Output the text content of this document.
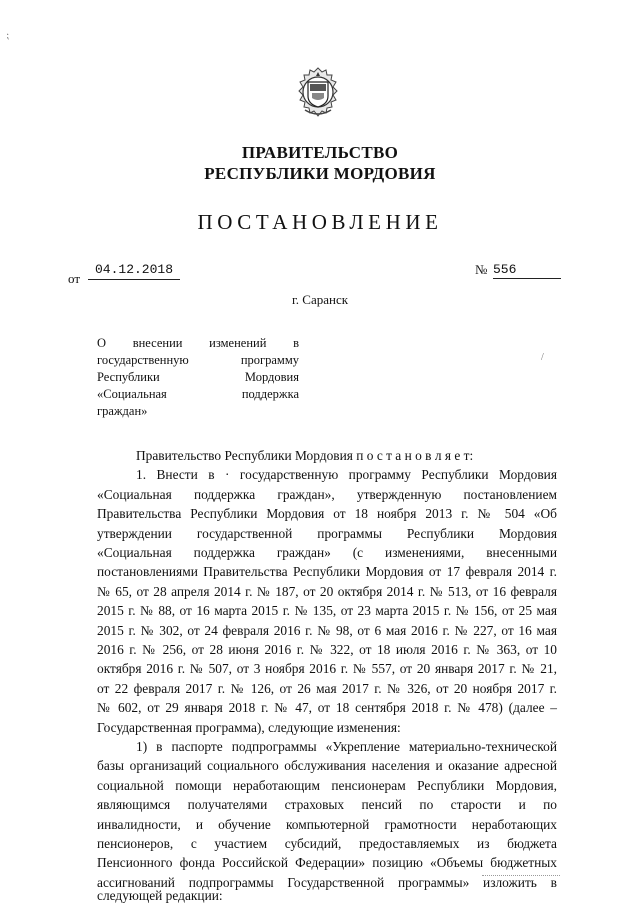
⁏
/
ПРАВИТЕЛЬСТВО
РЕСПУБЛИКИ МОРДОВИЯ
ПОСТАНОВЛЕНИЕ
от
04.12.2018	№ 556
г. Саранск
О внесении изменений в
государственную программу
Республики Мордовия
«Социальная поддержка
граждан»
Правительство Республики Мордовия п о с т а н о в л я е т:
1. Внести в · государственную программу Республики Мордовия
«Социальная поддержка граждан», утвержденную постановлением
Правительства Республики Мордовия от 18 ноября 2013 г. № 504 «Об
утверждении государственной программы Республики Мордовия
«Социальная поддержка граждан» (с изменениями, внесенными
постановлениями Правительства Республики Мордовия от 17 февраля 2014 г.
№ 65, от 28 апреля 2014 г. № 187, от 20 октября 2014 г. № 513, от 16 февраля
2015 г. № 88, от 16 марта 2015 г. № 135, от 23 марта 2015 г. № 156, от 25 мая
2015 г. № 302, от 24 февраля 2016 г. № 98, от 6 мая 2016 г. № 227, от 16 мая
2016 г. № 256, от 28 июня 2016 г. № 322, от 18 июля 2016 г. № 363, от 10
октября 2016 г. № 507, от 3 ноября 2016 г. № 557, от 20 января 2017 г. № 21,
от 22 февраля 2017 г. № 126, от 26 мая 2017 г. № 326, от 20 ноября 2017 г.
№ 602, от 29 января 2018 г. № 47, от 18 сентября 2018 г. № 478) (далее –
Государственная программа), следующие изменения:
1) в паспорте подпрограммы «Укрепление материально-технической
базы организаций социального обслуживания населения и оказание адресной
социальной помощи неработающим пенсионерам Республики Мордовия,
являющимся получателями страховых пенсий по старости и по
инвалидности, и обучение компьютерной грамотности неработающих
пенсионеров, с участием субсидий, предоставляемых из бюджета
Пенсионного фонда Российской Федерации» позицию «Объемы бюджетных
ассигнований подпрограммы Государственной программы» изложить в
следующей редакции:
